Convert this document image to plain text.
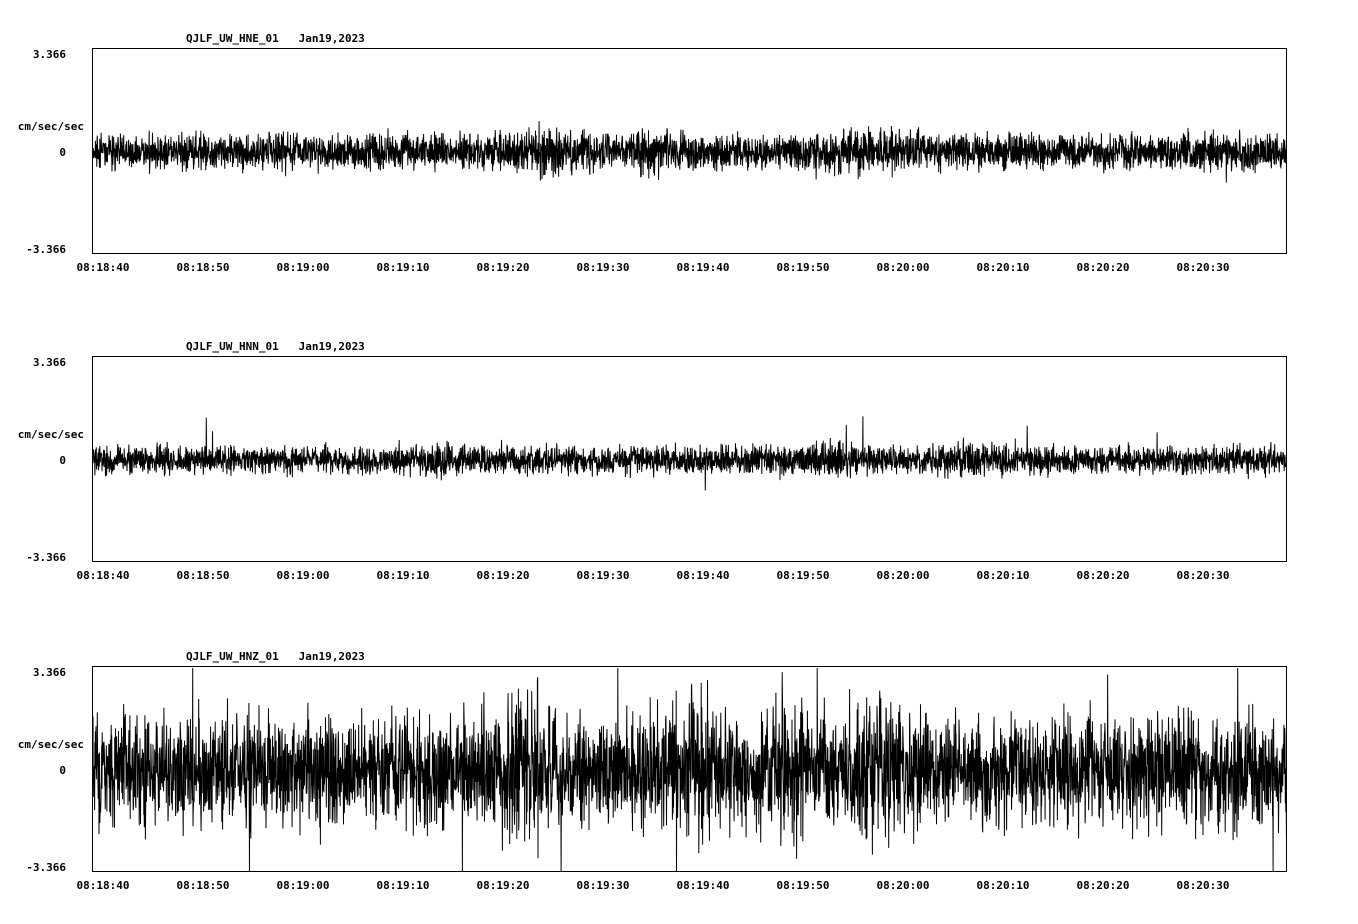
QJLF_UW_HNE_01   Jan19,2023
cm/sec/sec
3.366
0
-3.366
08:18:40	08:18:50	08:19:00	08:19:10	08:19:20	08:19:30	08:19:40	08:19:50	08:20:00	08:20:10	08:20:20	08:20:30
QJLF_UW_HNN_01   Jan19,2023
cm/sec/sec
3.366
0
-3.366
08:18:40	08:18:50	08:19:00	08:19:10	08:19:20	08:19:30	08:19:40	08:19:50	08:20:00	08:20:10	08:20:20	08:20:30
QJLF_UW_HNZ_01   Jan19,2023
cm/sec/sec
3.366
0
-3.366
08:18:40	08:18:50	08:19:00	08:19:10	08:19:20	08:19:30	08:19:40	08:19:50	08:20:00	08:20:10	08:20:20	08:20:30
